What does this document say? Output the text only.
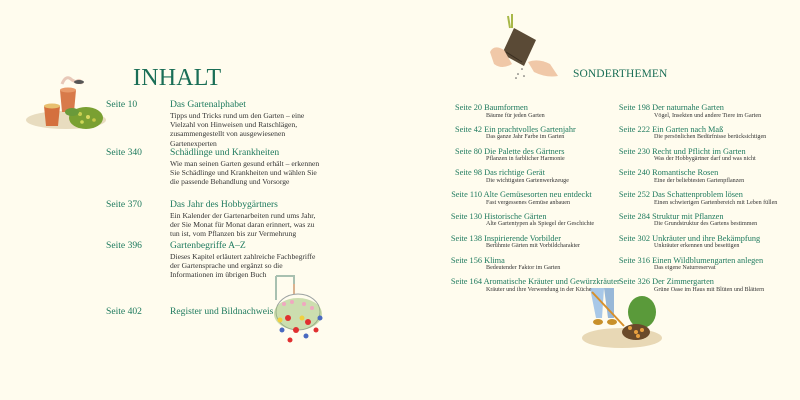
INHALT
Seite 10	Das Gartenalphabet
Tipps und Tricks rund um den Garten – eine Vielzahl von Hinweisen und Ratschlägen, zusammengestellt von ausgewiesenen Gartenexperten
Seite 340	Schädlinge und Krankheiten
Wie man seinen Garten gesund erhält – erkennen Sie Schädlinge und Krankheiten und wählen Sie die passende Behandlung und Vorsorge
Seite 370	Das Jahr des Hobbygärtners
Ein Kalender der Gartenarbeiten rund ums Jahr, der Sie Monat für Monat daran erinnert, was zu tun ist, vom Pflanzen bis zur Vermehrung
Seite 396	Gartenbegriffe A–Z
Dieses Kapitel erläutert zahlreiche Fachbegriffe der Gartensprache und ergänzt so die Informationen im übrigen Buch
Seite 402	Register und Bildnachweis
SONDERTHEMEN
Seite 20 Baumformen
Bäume für jeden Garten
Seite 42 Ein prachtvolles Gartenjahr
Das ganze Jahr Farbe im Garten
Seite 80 Die Palette des Gärtners
Pflanzen in farblicher Harmonie
Seite 98 Das richtige Gerät
Die wichtigsten Gartenwerkzeuge
Seite 110 Alte Gemüsesorten neu entdeckt
Fast vergessenes Gemüse anbauen
Seite 130 Historische Gärten
Alte Gartentypen als Spiegel der Geschichte
Seite 138 Inspirierende Vorbilder
Berühmte Gärten mit Vorbildcharakter
Seite 156 Klima
Bedeutender Faktor im Garten
Seite 164 Aromatische Kräuter und Gewürzkräuter
Kräuter und ihre Verwendung in der Küche
Seite 198 Der naturnahe Garten
Vögel, Insekten und andere Tiere im Garten
Seite 222 Ein Garten nach Maß
Die persönlichen Bedürfnisse berücksichtigen
Seite 230 Recht und Pflicht im Garten
Was der Hobbygärtner darf und was nicht
Seite 240 Romantische Rosen
Eine der beliebtesten Gartenpflanzen
Seite 252 Das Schattenproblem lösen
Einen schwierigen Gartenbereich mit Leben füllen
Seite 284 Struktur mit Pflanzen
Die Grundstruktur des Gartens bestimmen
Seite 302 Unkräuter und ihre Bekämpfung
Unkräuter erkennen und beseitigen
Seite 316 Einen Wildblumengarten anlegen
Das eigene Naturreservat
Seite 326 Der Zimmergarten
Grüne Oase im Haus mit Blüten und Blättern
